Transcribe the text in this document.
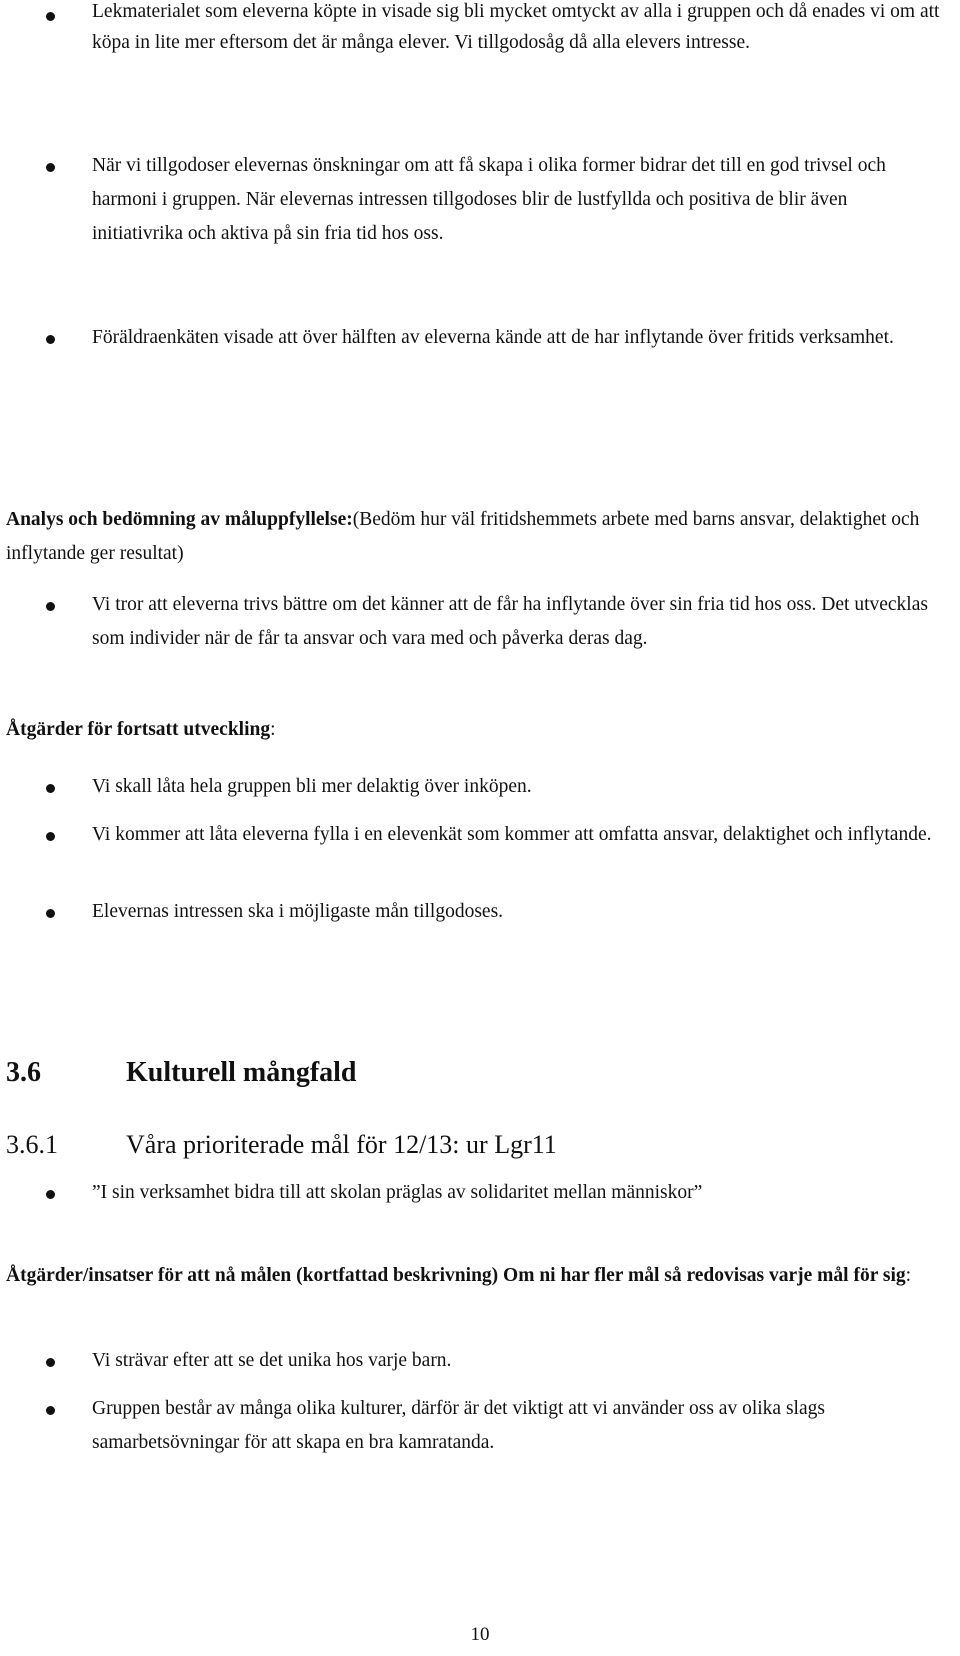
Lekmaterialet som eleverna köpte in visade sig bli mycket omtyckt av alla i gruppen och då enades vi om att köpa in lite mer eftersom det är många elever. Vi tillgodosåg då alla elevers intresse.

När vi tillgodoser elevernas önskningar om att få skapa i olika former bidrar det till en god trivsel och harmoni i gruppen. När elevernas intressen tillgodoses blir de lustfyllda och positiva de blir även initiativrika och aktiva på sin fria tid hos oss.

Föräldraenkäten visade att över hälften av eleverna kände att de har inflytande över fritids verksamhet.

Analys och bedömning av måluppfyllelse:(Bedöm hur väl fritidshemmets arbete med barns ansvar, delaktighet och inflytande ger resultat)

Vi tror att eleverna trivs bättre om det känner att de får ha inflytande över sin fria tid hos oss. Det utvecklas som individer när de får ta ansvar och vara med och påverka deras dag.

Åtgärder för fortsatt utveckling:

Vi skall låta hela gruppen bli mer delaktig över inköpen.

Vi kommer att låta eleverna fylla i en elevenkät som kommer att omfatta ansvar, delaktighet och inflytande.

Elevernas intressen ska i möjligaste mån tillgodoses.

3.6	Kulturell mångfald
3.6.1	Våra prioriterade mål för 12/13: ur Lgr11

”I sin verksamhet bidra till att skolan präglas av solidaritet mellan människor”

Åtgärder/insatser för att nå målen (kortfattad beskrivning) Om ni har fler mål så redovisas varje mål för sig:

Vi strävar efter att se det unika hos varje barn.

Gruppen består av många olika kulturer, därför är det viktigt att vi använder oss av olika slags samarbetsövningar för att skapa en bra kamratanda.

10
